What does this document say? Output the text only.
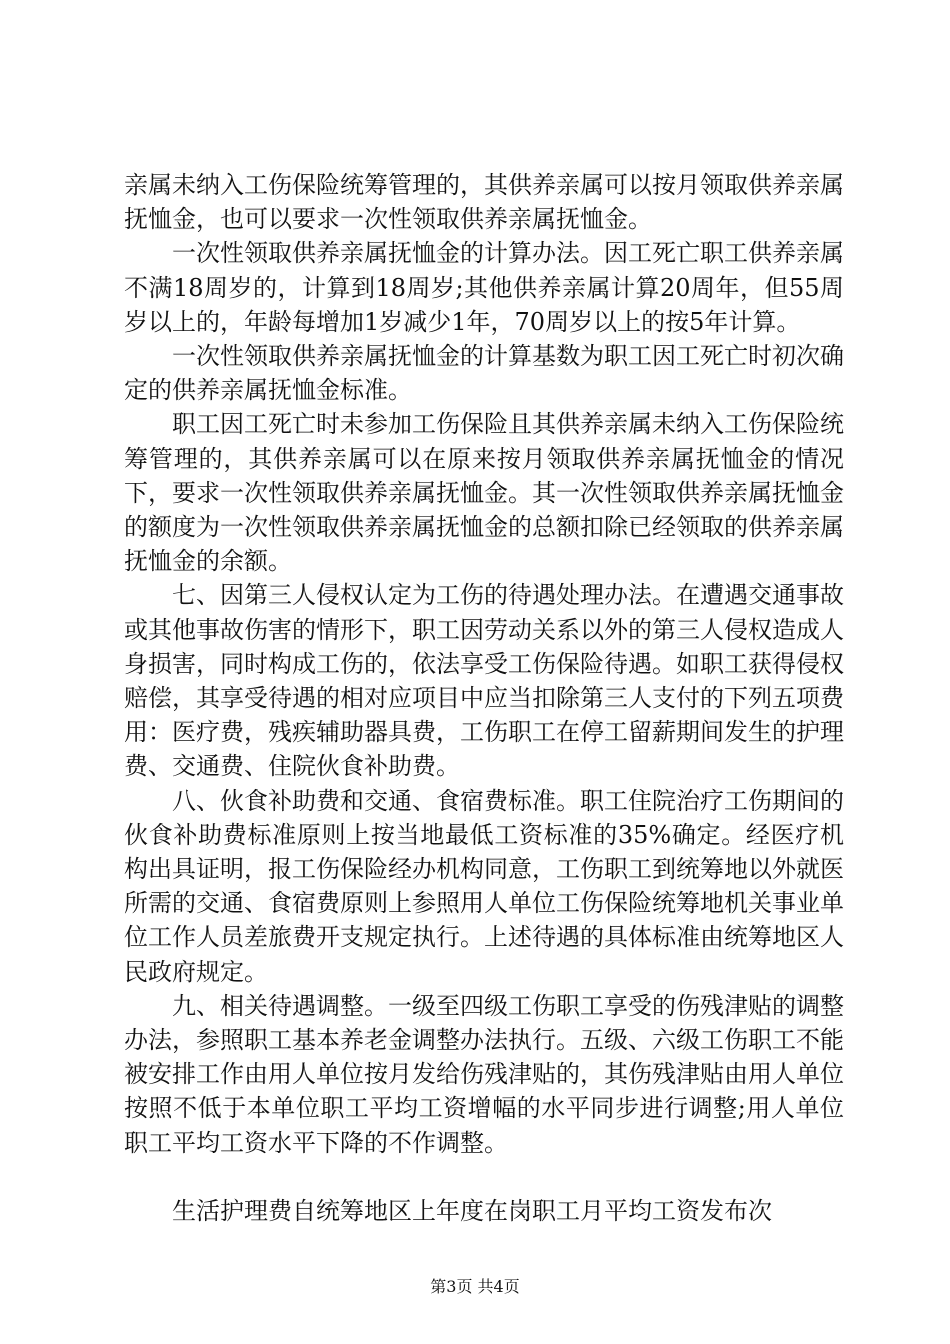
亲属未纳入工伤保险统筹管理的，其供养亲属可以按月领取供养亲属抚恤金，也可以要求一次性领取供养亲属抚恤金。

一次性领取供养亲属抚恤金的计算办法。因工死亡职工供养亲属不满18周岁的，计算到18周岁;其他供养亲属计算20周年，但55周岁以上的，年龄每增加1岁减少1年，70周岁以上的按5年计算。

一次性领取供养亲属抚恤金的计算基数为职工因工死亡时初次确定的供养亲属抚恤金标准。

职工因工死亡时未参加工伤保险且其供养亲属未纳入工伤保险统筹管理的，其供养亲属可以在原来按月领取供养亲属抚恤金的情况下，要求一次性领取供养亲属抚恤金。其一次性领取供养亲属抚恤金的额度为一次性领取供养亲属抚恤金的总额扣除已经领取的供养亲属抚恤金的余额。

七、因第三人侵权认定为工伤的待遇处理办法。在遭遇交通事故或其他事故伤害的情形下，职工因劳动关系以外的第三人侵权造成人身损害，同时构成工伤的，依法享受工伤保险待遇。如职工获得侵权赔偿，其享受待遇的相对应项目中应当扣除第三人支付的下列五项费用：医疗费，残疾辅助器具费，工伤职工在停工留薪期间发生的护理费、交通费、住院伙食补助费。

八、伙食补助费和交通、食宿费标准。职工住院治疗工伤期间的伙食补助费标准原则上按当地最低工资标准的35%确定。经医疗机构出具证明，报工伤保险经办机构同意，工伤职工到统筹地以外就医所需的交通、食宿费原则上参照用人单位工伤保险统筹地机关事业单位工作人员差旅费开支规定执行。上述待遇的具体标准由统筹地区人民政府规定。

九、相关待遇调整。一级至四级工伤职工享受的伤残津贴的调整办法，参照职工基本养老金调整办法执行。五级、六级工伤职工不能被安排工作由用人单位按月发给伤残津贴的，其伤残津贴由用人单位按照不低于本单位职工平均工资增幅的水平同步进行调整;用人单位职工平均工资水平下降的不作调整。

生活护理费自统筹地区上年度在岗职工月平均工资发布次

第3页 共4页
